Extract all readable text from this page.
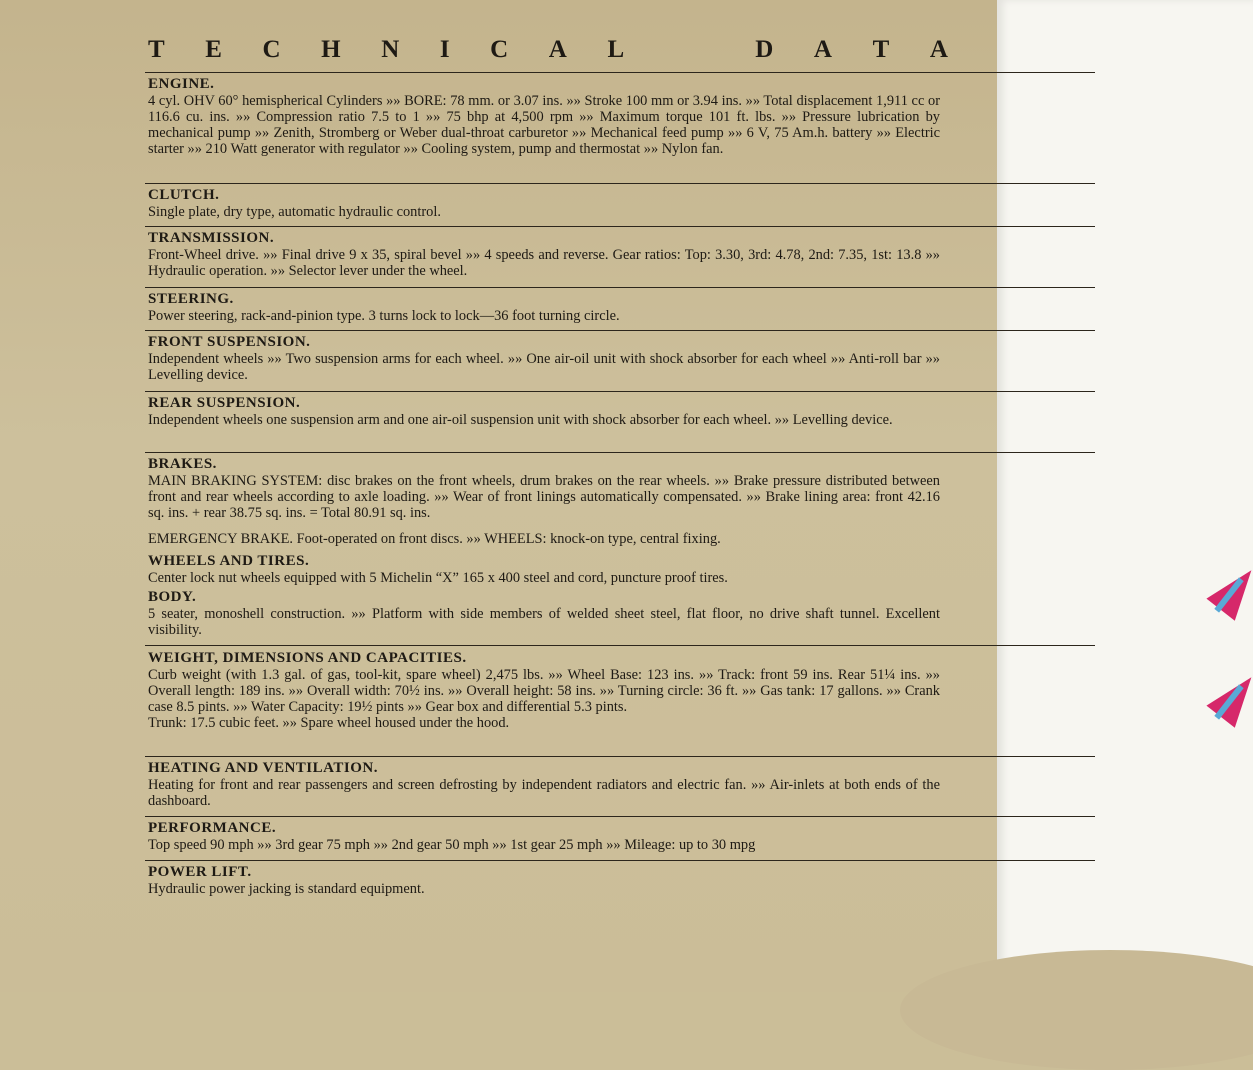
T E C H N I C A L	D A T A
ENGINE.
4 cyl. OHV 60° hemispherical Cylinders »» BORE: 78 mm. or 3.07 ins. »» Stroke 100 mm or 3.94 ins. »» Total displacement 1,911 cc or 116.6 cu. ins. »» Compression ratio 7.5 to 1 »» 75 bhp at 4,500 rpm »» Maximum torque 101 ft. lbs. »» Pressure lubrication by mechanical pump »» Zenith, Stromberg or Weber dual-throat carburetor »» Mechanical feed pump »» 6 V, 75 Am.h. battery »» Electric starter »» 210 Watt generator with regulator »» Cooling system, pump and thermostat »» Nylon fan.
CLUTCH.
Single plate, dry type, automatic hydraulic control.
TRANSMISSION.
Front-Wheel drive. »» Final drive 9 x 35, spiral bevel »» 4 speeds and reverse. Gear ratios: Top: 3.30, 3rd: 4.78, 2nd: 7.35, 1st: 13.8 »» Hydraulic operation. »» Selector lever under the wheel.
STEERING.
Power steering, rack-and-pinion type. 3 turns lock to lock—36 foot turning circle.
FRONT SUSPENSION.
Independent wheels »» Two suspension arms for each wheel. »» One air-oil unit with shock absorber for each wheel »» Anti-roll bar »» Levelling device.
REAR SUSPENSION.
Independent wheels one suspension arm and one air-oil suspension unit with shock absorber for each wheel. »» Levelling device.
BRAKES.
MAIN BRAKING SYSTEM: disc brakes on the front wheels, drum brakes on the rear wheels. »» Brake pressure distributed between front and rear wheels according to axle loading. »» Wear of front linings automatically compensated. »» Brake lining area: front 42.16 sq. ins. + rear 38.75 sq. ins. = Total 80.91 sq. ins.
EMERGENCY BRAKE. Foot-operated on front discs. »» WHEELS: knock-on type, central fixing.
WHEELS AND TIRES.
Center lock nut wheels equipped with 5 Michelin “X” 165 x 400 steel and cord, puncture proof tires.
BODY.
5 seater, monoshell construction. »» Platform with side members of welded sheet steel, flat floor, no drive shaft tunnel. Excellent visibility.
WEIGHT, DIMENSIONS AND CAPACITIES.
Curb weight (with 1.3 gal. of gas, tool-kit, spare wheel) 2,475 lbs. »» Wheel Base: 123 ins. »» Track: front 59 ins. Rear 51¼ ins. »» Overall length: 189 ins. »» Overall width: 70½ ins. »» Overall height: 58 ins. »» Turning circle: 36 ft. »» Gas tank: 17 gallons. »» Crank case 8.5 pints. »» Water Capacity: 19½ pints »» Gear box and differential 5.3 pints.
Trunk: 17.5 cubic feet. »» Spare wheel housed under the hood.
HEATING AND VENTILATION.
Heating for front and rear passengers and screen defrosting by independent radiators and electric fan. »» Air-inlets at both ends of the dashboard.
PERFORMANCE.
Top speed 90 mph »» 3rd gear 75 mph »» 2nd gear 50 mph »» 1st gear 25 mph »» Mileage: up to 30 mpg
POWER LIFT.
Hydraulic power jacking is standard equipment.
